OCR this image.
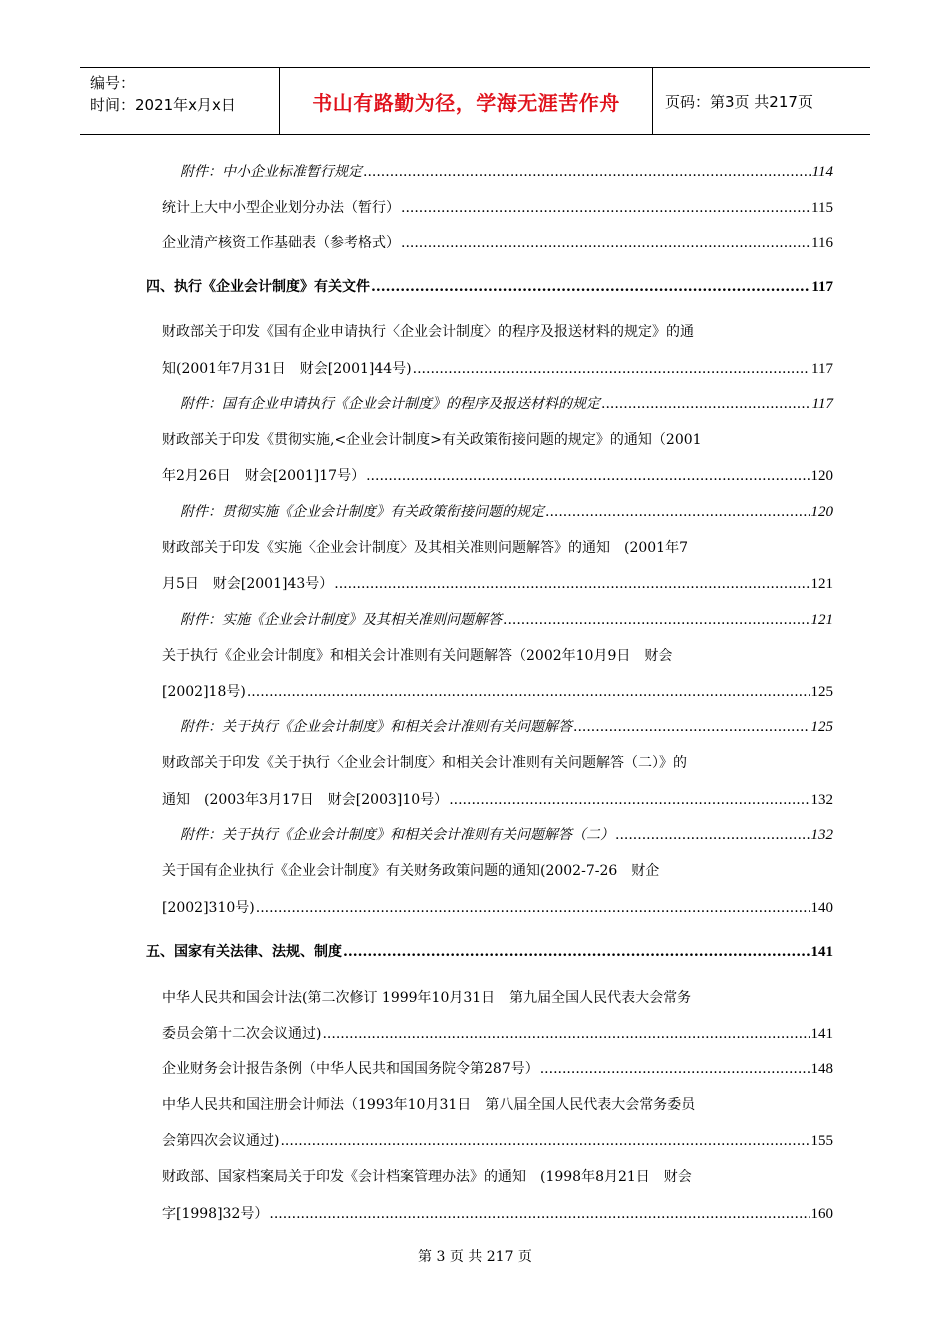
编号：
时间：2021年x月x日	书山有路勤为径，学海无涯苦作舟	页码：第3页 共217页
附件：中小企业标准暂行规定 .....	114
统计上大中小型企业划分办法（暂行） .....	115
企业清产核资工作基础表（参考格式） .....	116
四、执行《企业会计制度》有关文件 .....	117
财政部关于印发《国有企业申请执行〈企业会计制度〉的程序及报送材料的规定》的通
知(2001年7月31日　财会[2001]44号) .....	117
附件：国有企业申请执行《企业会计制度》的程序及报送材料的规定 .....	117
财政部关于印发《贯彻实施,<企业会计制度>有关政策衔接问题的规定》的通知（2001
年2月26日　财会[2001]17号） .....	120
附件：贯彻实施《企业会计制度》有关政策衔接问题的规定 .....	120
财政部关于印发《实施〈企业会计制度〉及其相关准则问题解答》的通知　(2001年7
月5日　财会[2001]43号） .....	121
附件：实施《企业会计制度》及其相关准则问题解答 .....	121
关于执行《企业会计制度》和相关会计准则有关问题解答（2002年10月9日　财会
[2002]18号) .....	125
附件：关于执行《企业会计制度》和相关会计准则有关问题解答 .....	125
财政部关于印发《关于执行〈企业会计制度〉和相关会计准则有关问题解答（二）》的
通知　(2003年3月17日　财会[2003]10号） .....	132
附件：关于执行《企业会计制度》和相关会计准则有关问题解答（二） .....	132
关于国有企业执行《企业会计制度》有关财务政策问题的通知(2002-7-26　财企
[2002]310号) .....	140
五、国家有关法律、法规、制度 .....	141
中华人民共和国会计法(第二次修订 1999年10月31日　第九届全国人民代表大会常务
委员会第十二次会议通过) .....	141
企业财务会计报告条例（中华人民共和国国务院令第287号） .....	148
中华人民共和国注册会计师法（1993年10月31日　第八届全国人民代表大会常务委员
会第四次会议通过) .....	155
财政部、国家档案局关于印发《会计档案管理办法》的通知　(1998年8月21日　财会
字[1998]32号） .....	160
第 3 页 共 217 页
